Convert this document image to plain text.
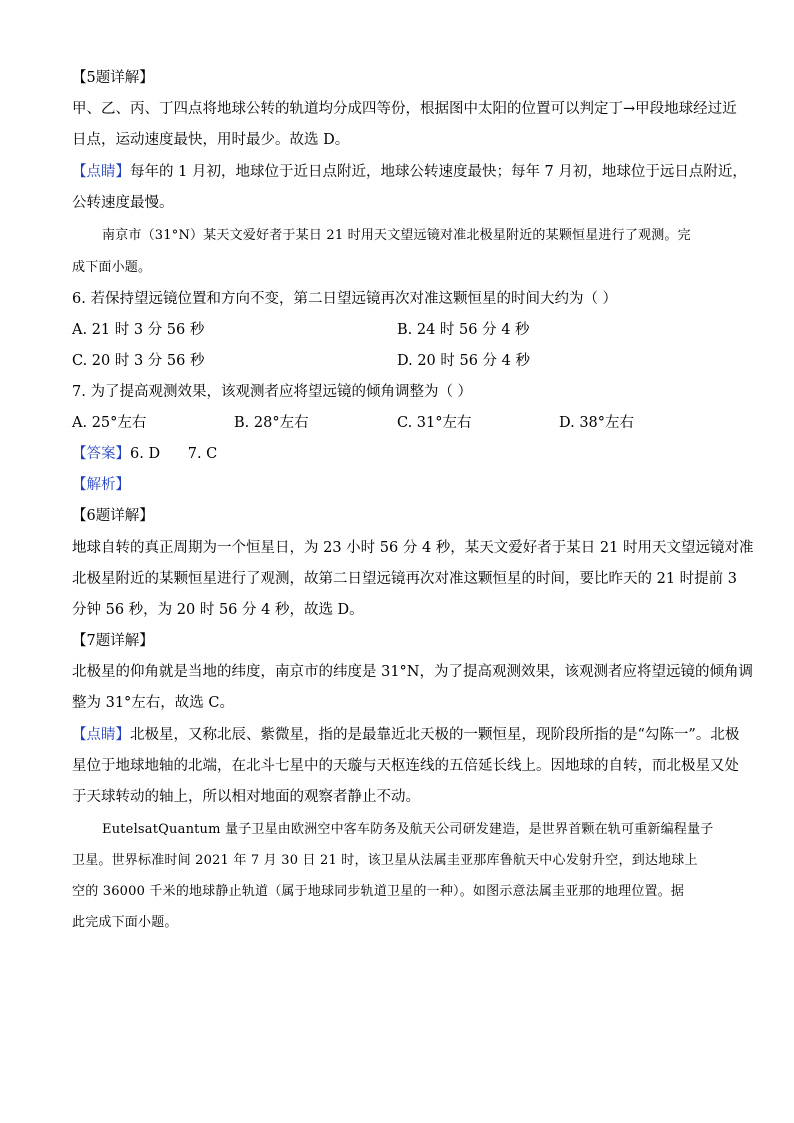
【5题详解】
甲、乙、丙、丁四点将地球公转的轨道均分成四等份，根据图中太阳的位置可以判定丁→甲段地球经过近
日点，运动速度最快，用时最少。故选 D。
【点睛】每年的 1 月初，地球位于近日点附近，地球公转速度最快；每年 7 月初，地球位于远日点附近，
公转速度最慢。
南京市（31°N）某天文爱好者于某日 21 时用天文望远镜对准北极星附近的某颗恒星进行了观测。完
成下面小题。
6. 若保持望远镜位置和方向不变，第二日望远镜再次对准这颗恒星的时间大约为（ ）
A. 21 时 3 分 56 秒	B. 24 时 56 分 4 秒
C. 20 时 3 分 56 秒	D. 20 时 56 分 4 秒
7. 为了提高观测效果，该观测者应将望远镜的倾角调整为（ ）
A. 25°左右	B. 28°左右	C. 31°左右	D. 38°左右
【答案】6. D      7. C
【解析】
【6题详解】
地球自转的真正周期为一个恒星日，为 23 小时 56 分 4 秒，某天文爱好者于某日 21 时用天文望远镜对准
北极星附近的某颗恒星进行了观测，故第二日望远镜再次对准这颗恒星的时间，要比昨天的 21 时提前 3
分钟 56 秒，为 20 时 56 分 4 秒，故选 D。
【7题详解】
北极星的仰角就是当地的纬度，南京市的纬度是 31°N，为了提高观测效果，该观测者应将望远镜的倾角调
整为 31°左右，故选 C。
【点睛】北极星，又称北辰、紫微星，指的是最靠近北天极的一颗恒星，现阶段所指的是“勾陈一”。北极
星位于地球地轴的北端，在北斗七星中的天璇与天枢连线的五倍延长线上。因地球的自转，而北极星又处
于天球转动的轴上，所以相对地面的观察者静止不动。
EutelsatQuantum 量子卫星由欧洲空中客车防务及航天公司研发建造，是世界首颗在轨可重新编程量子
卫星。世界标准时间 2021 年 7 月 30 日 21 时，该卫星从法属圭亚那库鲁航天中心发射升空，到达地球上
空的 36000 千米的地球静止轨道（属于地球同步轨道卫星的一种）。如图示意法属圭亚那的地理位置。据
此完成下面小题。
